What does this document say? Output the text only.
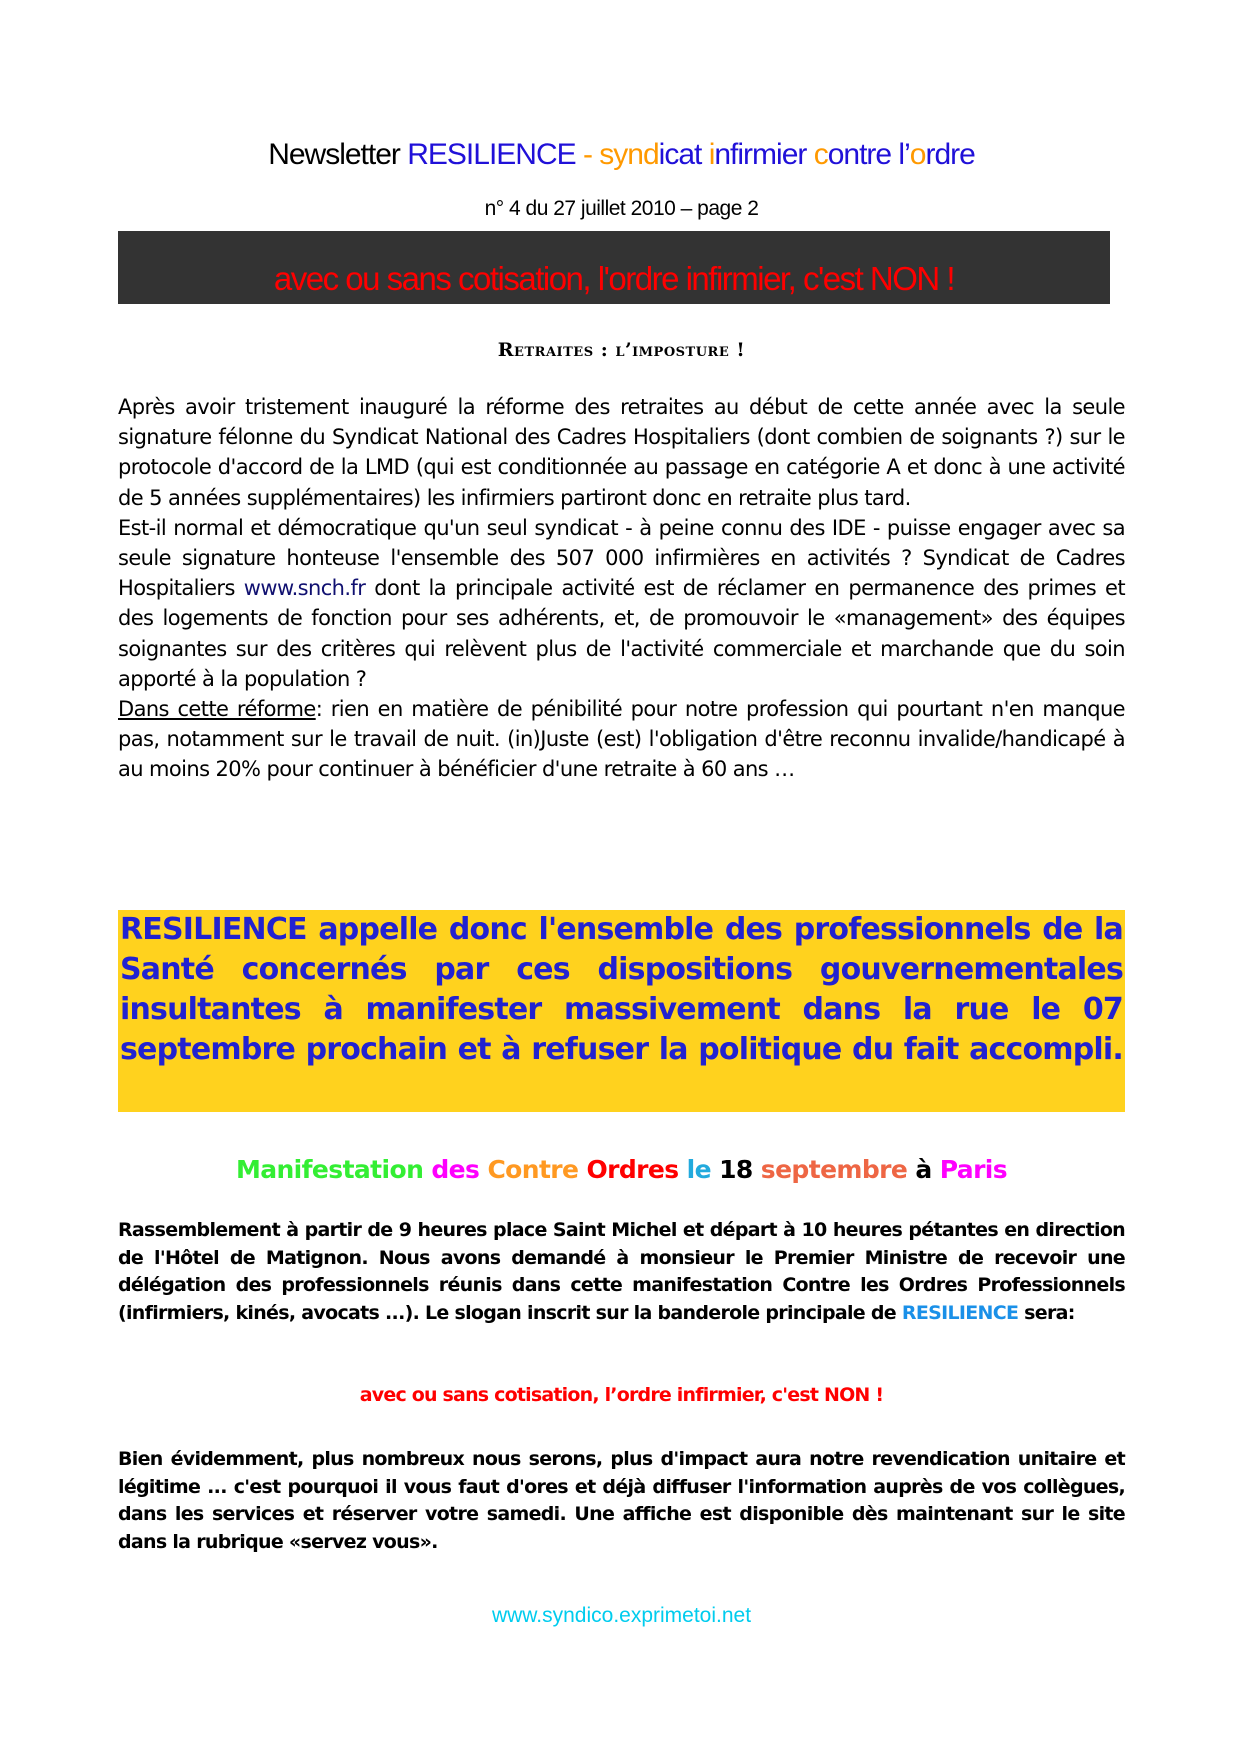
Newsletter RESILIENCE - syndicat infirmier contre l’ordre
n° 4 du 27 juillet 2010 – page 2
avec ou sans cotisation, l'ordre infirmier, c'est NON !
Retraites : l’imposture !

Après avoir tristement inauguré la réforme des retraites au début de cette année avec la seule signature félonne du Syndicat National des Cadres Hospitaliers (dont combien de soignants ?) sur le protocole d'accord de la LMD (qui est conditionnée au passage en catégorie A et donc à une activité de 5 années supplémentaires) les infirmiers partiront donc en retraite plus tard.

Est-il normal et démocratique qu'un seul syndicat - à peine connu des IDE - puisse engager avec sa seule signature honteuse l'ensemble des 507 000 infirmières en activités ? Syndicat de Cadres Hospitaliers www.snch.fr dont la principale activité est de réclamer en permanence des primes et des logements de fonction pour ses adhérents, et, de promouvoir le «management» des équipes soignantes sur des critères qui relèvent plus de l'activité commerciale et marchande que du soin apporté à la population ?

Dans cette réforme: rien en matière de pénibilité pour notre profession qui pourtant n'en manque pas, notamment sur le travail de nuit. (in)Juste (est) l'obligation d'être reconnu invalide/handicapé à au moins 20% pour continuer à bénéficier d'une retraite à 60 ans …

RESILIENCE appelle donc l'ensemble des professionnels de la Santé concernés par ces dispositions gouvernementales insultantes à manifester massivement dans la rue le 07 septembre prochain et à refuser la politique du fait accompli.

Manifestation des Contre Ordres le 18 septembre à Paris

Rassemblement à partir de 9 heures place Saint Michel et départ à 10 heures pétantes en direction de l'Hôtel de Matignon. Nous avons demandé à monsieur le Premier Ministre de recevoir une délégation des professionnels réunis dans cette manifestation Contre les Ordres Professionnels (infirmiers, kinés, avocats ...). Le slogan inscrit sur la banderole principale de RESILIENCE sera:

avec ou sans cotisation, l’ordre infirmier, c'est NON !

Bien évidemment, plus nombreux nous serons, plus d'impact aura notre revendication unitaire et légitime ... c'est pourquoi il vous faut d'ores et déjà diffuser l'information auprès de vos collègues, dans les services et réserver votre samedi. Une affiche est disponible dès maintenant sur le site dans la rubrique «servez vous».

www.syndico.exprimetoi.net
